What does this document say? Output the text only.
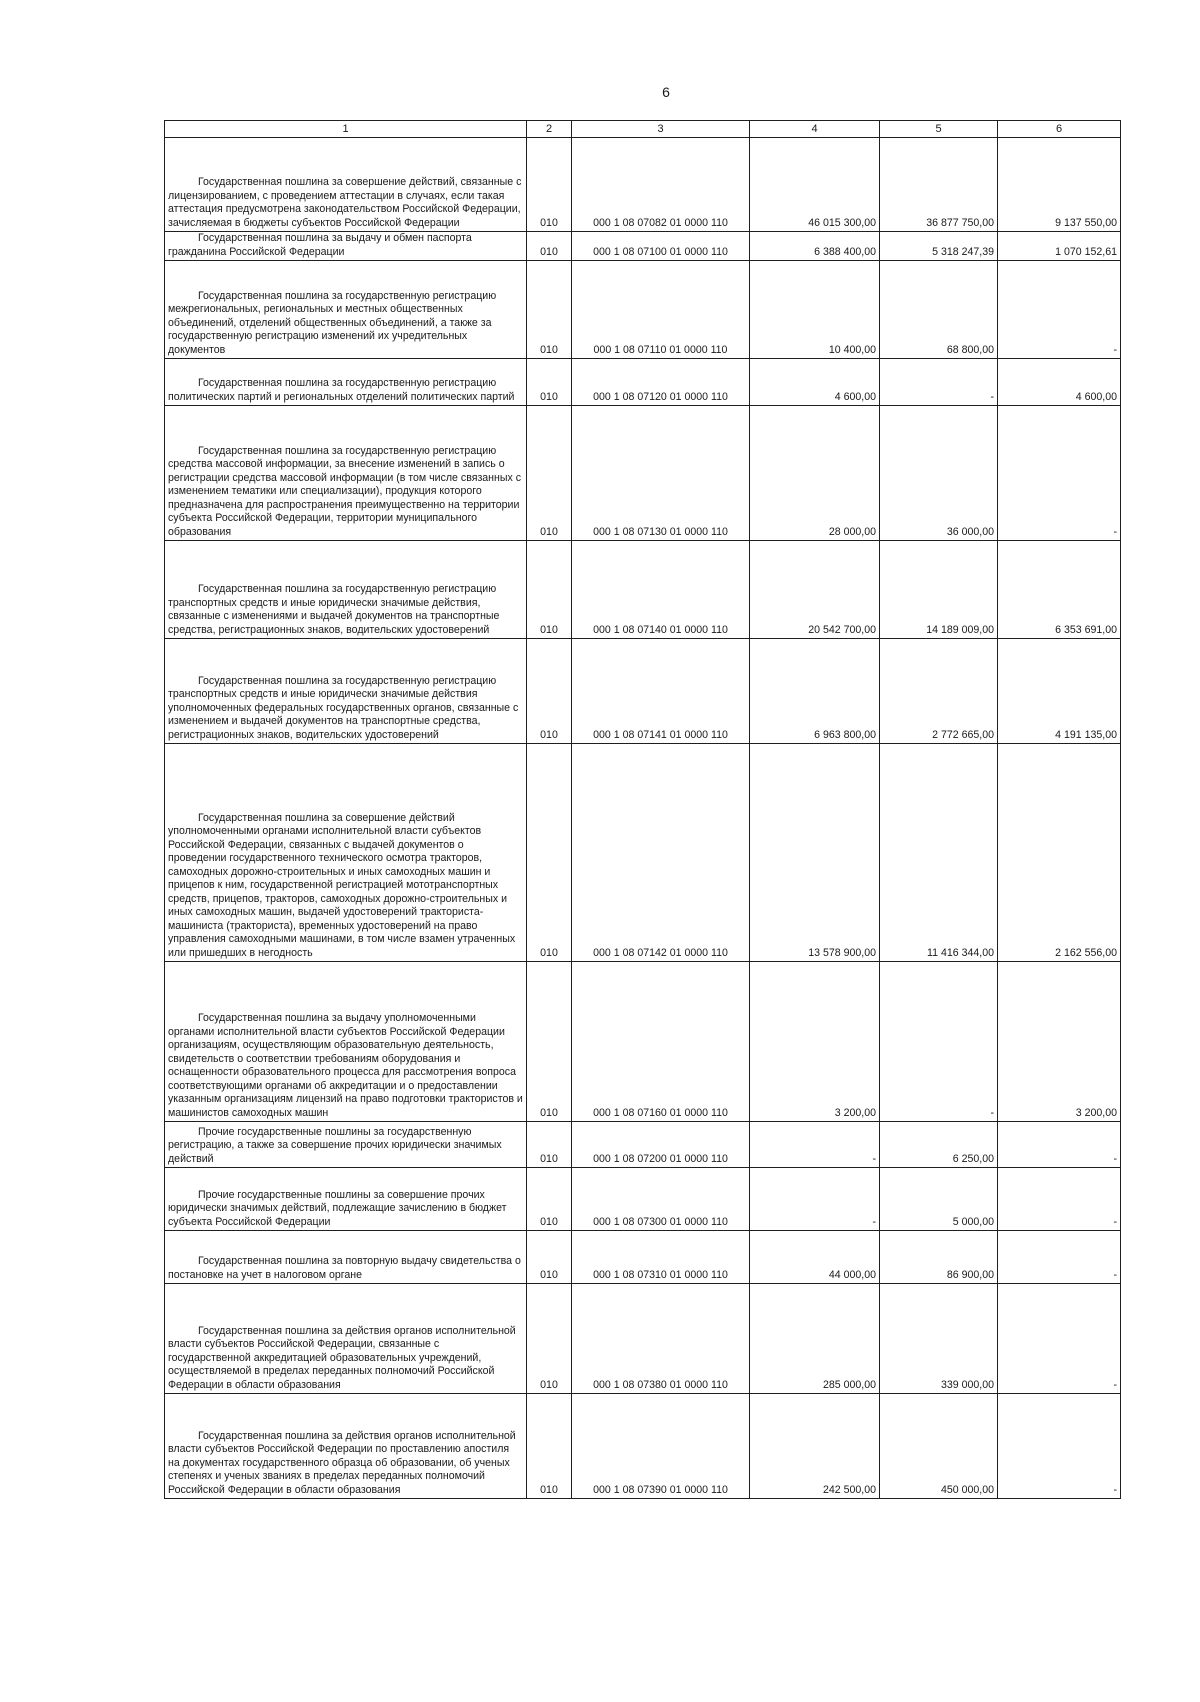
6
1	2	3	4	5	6
Государственная пошлина за совершение действий, связанные с лицензированием, с проведением аттестации в случаях, если такая аттестация предусмотрена законодательством Российской Федерации, зачисляемая в бюджеты субъектов Российской Федерации	010	000 1 08 07082 01 0000 110	46 015 300,00	36 877 750,00	9 137 550,00
Государственная пошлина за выдачу и обмен паспорта гражданина Российской Федерации	010	000 1 08 07100 01 0000 110	6 388 400,00	5 318 247,39	1 070 152,61
Государственная пошлина за государственную регистрацию межрегиональных, региональных и местных общественных объединений, отделений общественных объединений, а также за государственную регистрацию изменений их учредительных документов	010	000 1 08 07110 01 0000 110	10 400,00	68 800,00	-
Государственная пошлина за государственную регистрацию политических партий и региональных отделений политических партий	010	000 1 08 07120 01 0000 110	4 600,00	-	4 600,00
Государственная пошлина за государственную регистрацию средства массовой информации, за внесение изменений в запись о регистрации средства массовой информации (в том числе связанных с изменением тематики или специализации), продукция которого предназначена для распространения преимущественно на территории субъекта Российской Федерации, территории муниципального образования	010	000 1 08 07130 01 0000 110	28 000,00	36 000,00	-
Государственная пошлина за государственную регистрацию транспортных средств и иные юридически значимые действия, связанные с изменениями и выдачей документов на транспортные средства, регистрационных знаков, водительских удостоверений	010	000 1 08 07140 01 0000 110	20 542 700,00	14 189 009,00	6 353 691,00
Государственная пошлина за государственную регистрацию транспортных средств и иные юридически значимые действия уполномоченных федеральных государственных органов, связанные с изменением и выдачей документов на транспортные средства, регистрационных знаков, водительских удостоверений	010	000 1 08 07141 01 0000 110	6 963 800,00	2 772 665,00	4 191 135,00
Государственная пошлина за совершение действий уполномоченными органами исполнительной власти субъектов Российской Федерации, связанных с выдачей документов о проведении государственного технического осмотра тракторов, самоходных дорожно-строительных и иных самоходных машин и прицепов к ним, государственной регистрацией мототранспортных средств, прицепов, тракторов, самоходных дорожно-строительных и иных самоходных машин, выдачей удостоверений тракториста-машиниста (тракториста), временных удостоверений на право управления самоходными машинами, в том числе взамен утраченных или пришедших в негодность	010	000 1 08 07142 01 0000 110	13 578 900,00	11 416 344,00	2 162 556,00
Государственная пошлина за выдачу уполномоченными органами исполнительной власти субъектов Российской Федерации организациям, осуществляющим образовательную деятельность, свидетельств о соответствии требованиям оборудования и оснащенности образовательного процесса для рассмотрения вопроса соответствующими органами об аккредитации и о предоставлении указанным организациям лицензий на право подготовки трактористов и машинистов самоходных машин	010	000 1 08 07160 01 0000 110	3 200,00	-	3 200,00
Прочие государственные пошлины за государственную регистрацию, а также за совершение прочих юридически значимых действий	010	000 1 08 07200 01 0000 110	-	6 250,00	-
Прочие государственные пошлины за совершение прочих юридически значимых действий, подлежащие зачислению в бюджет субъекта Российской Федерации	010	000 1 08 07300 01 0000 110	-	5 000,00	-
Государственная пошлина за повторную выдачу свидетельства о постановке на учет в налоговом органе	010	000 1 08 07310 01 0000 110	44 000,00	86 900,00	-
Государственная пошлина за действия органов исполнительной власти субъектов Российской Федерации, связанные с государственной аккредитацией образовательных учреждений, осуществляемой в пределах переданных полномочий Российской Федерации в области образования	010	000 1 08 07380 01 0000 110	285 000,00	339 000,00	-
Государственная пошлина за действия органов исполнительной власти субъектов Российской Федерации по проставлению апостиля на документах государственного образца об образовании, об ученых степенях и ученых званиях в пределах переданных полномочий Российской Федерации в области образования	010	000 1 08 07390 01 0000 110	242 500,00	450 000,00	-
